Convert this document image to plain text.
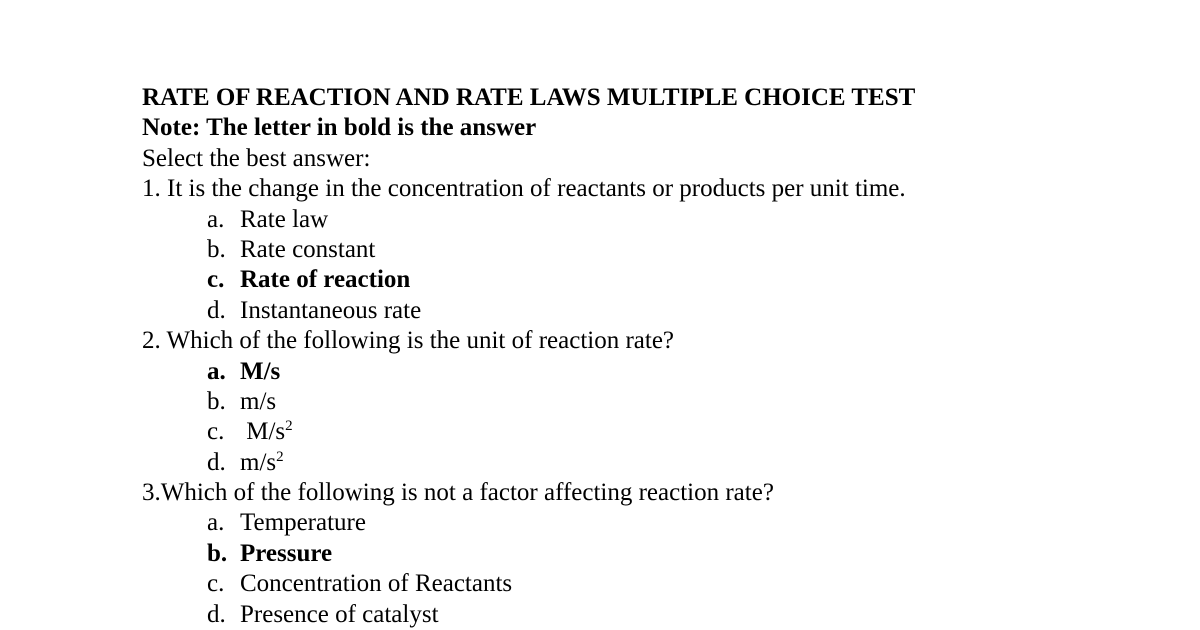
RATE OF REACTION AND RATE LAWS MULTIPLE CHOICE TEST
Note: The letter in bold is the answer
Select the best answer:
1. It is the change in the concentration of reactants or products per unit time.
a. Rate law
b. Rate constant
c. Rate of reaction
d. Instantaneous rate
2. Which of the following is the unit of reaction rate?
a. M/s
b. m/s
c. $M/s^2$
d. $m/s^2$
3.Which of the following is not a factor affecting reaction rate?
a. Temperature
b. Pressure
c. Concentration of Reactants
d. Presence of catalyst
